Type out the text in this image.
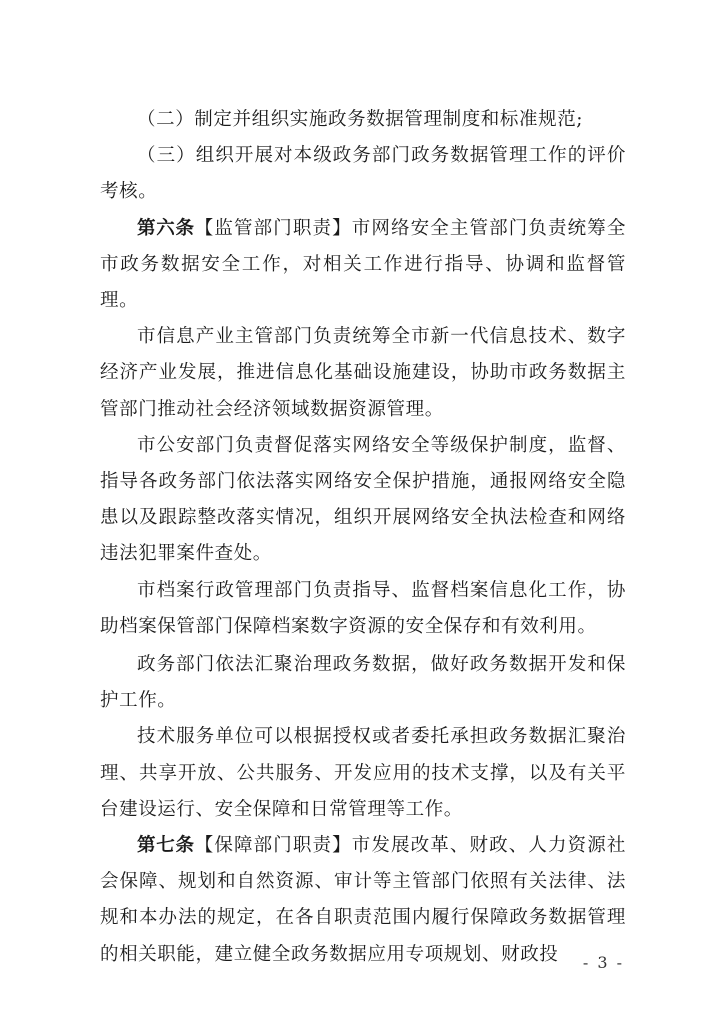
（二）制定并组织实施政务数据管理制度和标准规范;

（三）组织开展对本级政务部门政务数据管理工作的评价考核。

第六条【监管部门职责】市网络安全主管部门负责统筹全市政务数据安全工作，对相关工作进行指导、协调和监督管理。

市信息产业主管部门负责统筹全市新一代信息技术、数字经济产业发展，推进信息化基础设施建设，协助市政务数据主管部门推动社会经济领域数据资源管理。

市公安部门负责督促落实网络安全等级保护制度，监督、指导各政务部门依法落实网络安全保护措施，通报网络安全隐患以及跟踪整改落实情况，组织开展网络安全执法检查和网络违法犯罪案件查处。

市档案行政管理部门负责指导、监督档案信息化工作，协助档案保管部门保障档案数字资源的安全保存和有效利用。

政务部门依法汇聚治理政务数据，做好政务数据开发和保护工作。

技术服务单位可以根据授权或者委托承担政务数据汇聚治理、共享开放、公共服务、开发应用的技术支撑，以及有关平台建设运行、安全保障和日常管理等工作。

第七条【保障部门职责】市发展改革、财政、人力资源社会保障、规划和自然资源、审计等主管部门依照有关法律、法规和本办法的规定，在各自职责范围内履行保障政务数据管理的相关职能，建立健全政务数据应用专项规划、财政投	- 3 -
